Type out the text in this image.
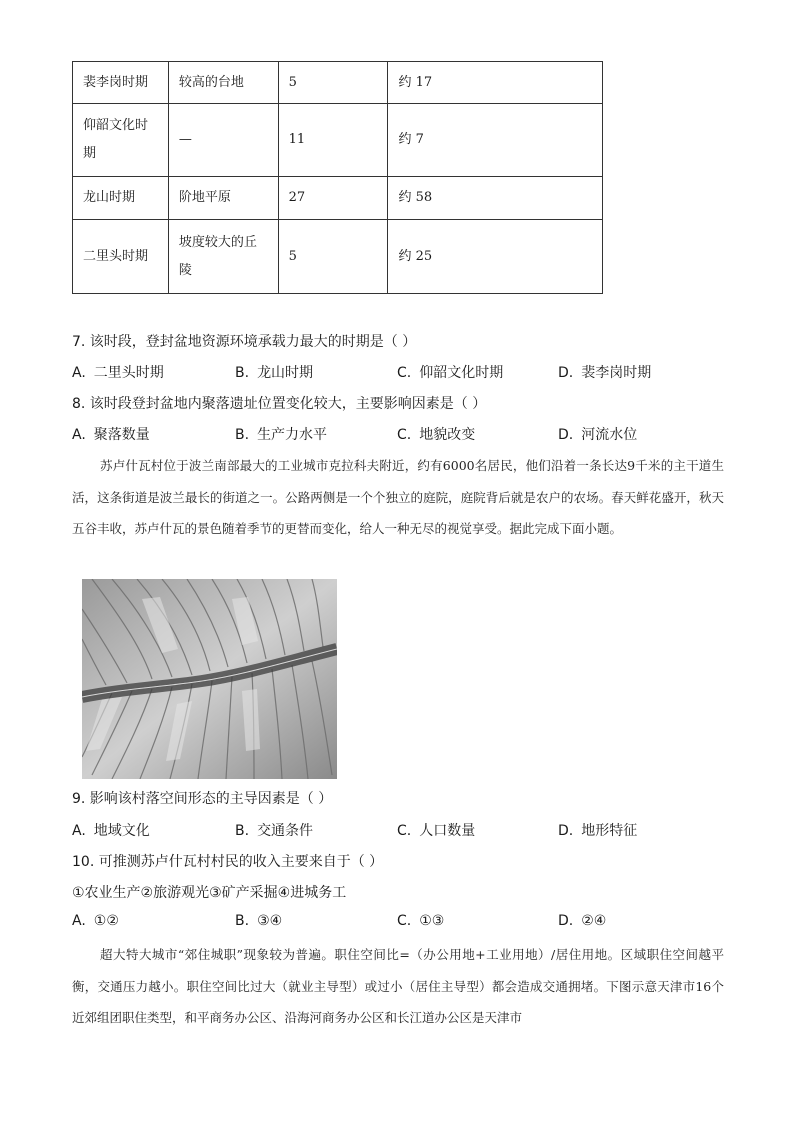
裴李岗时期	较高的台地	5	约 17
仰韶文化时期	—	11	约 7
龙山时期	阶地平原	27	约 58
二里头时期	坡度较大的丘陵	5	约 25
7. 该时段，登封盆地资源环境承载力最大的时期是（ ）
A. 二里头时期	B. 龙山时期	C. 仰韶文化时期	D. 裴李岗时期
8. 该时段登封盆地内聚落遗址位置变化较大，主要影响因素是（ ）
A. 聚落数量	B. 生产力水平	C. 地貌改变	D. 河流水位
苏卢什瓦村位于波兰南部最大的工业城市克拉科夫附近，约有6000名居民，他们沿着一条长达9千米的主干道生活，这条街道是波兰最长的街道之一。公路两侧是一个个独立的庭院，庭院背后就是农户的农场。春天鲜花盛开，秋天五谷丰收，苏卢什瓦的景色随着季节的更替而变化，给人一种无尽的视觉享受。据此完成下面小题。
9. 影响该村落空间形态的主导因素是（ ）
A. 地域文化	B. 交通条件	C. 人口数量	D. 地形特征
10. 可推测苏卢什瓦村村民的收入主要来自于（ ）
①农业生产②旅游观光③矿产采掘④进城务工
A. ①②	B. ③④	C. ①③	D. ②④
超大特大城市“郊住城职”现象较为普遍。职住空间比=（办公用地+工业用地）/居住用地。区域职住空间越平衡，交通压力越小。职住空间比过大（就业主导型）或过小（居住主导型）都会造成交通拥堵。下图示意天津市16个近郊组团职住类型，和平商务办公区、沿海河商务办公区和长江道办公区是天津市
